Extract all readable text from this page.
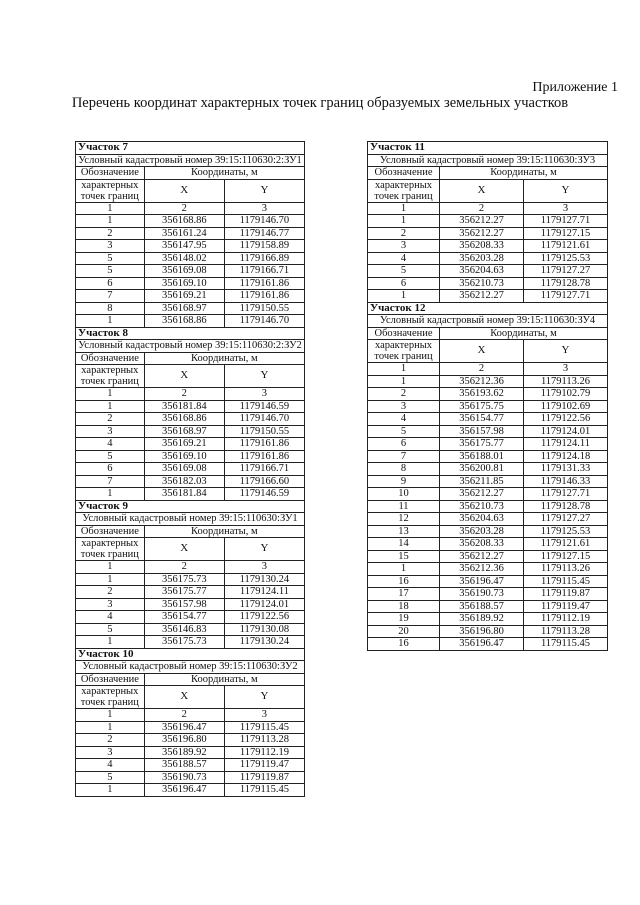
Приложение 1
Перечень координат характерных точек границ образуемых земельных участков
Участок 7		
Условный кадастровый номер 39:15:110630:2:ЗУ1		
Обозначение	Координаты, м	

характерных
точек границ	X	Y
1	2	3
1	356168.86	1179146.70
2	356161.24	1179146.77
3	356147.95	1179158.89
5	356148.02	1179166.89
5	356169.08	1179166.71
6	356169.10	1179161.86
7	356169.21	1179161.86
8	356168.97	1179150.55
1	356168.86	1179146.70
Участок 8		
Условный кадастровый номер 39:15:110630:2:ЗУ2		
Обозначение	Координаты, м	

характерных
точек границ	X	Y
1	2	3
1	356181.84	1179146.59
2	356168.86	1179146.70
3	356168.97	1179150.55
4	356169.21	1179161.86
5	356169.10	1179161.86
6	356169.08	1179166.71
7	356182.03	1179166.60
1	356181.84	1179146.59
Участок 9		
Условный кадастровый номер 39:15:110630:ЗУ1		
Обозначение	Координаты, м	

характерных
точек границ	X	Y
1	2	3
1	356175.73	1179130.24
2	356175.77	1179124.11
3	356157.98	1179124.01
4	356154.77	1179122.56
5	356146.83	1179130.08
1	356175.73	1179130.24
Участок 10		
Условный кадастровый номер 39:15:110630:ЗУ2		
Обозначение	Координаты, м	

характерных
точек границ	X	Y
1	2	3
1	356196.47	1179115.45
2	356196.80	1179113.28
3	356189.92	1179112.19
4	356188.57	1179119.47
5	356190.73	1179119.87
1	356196.47	1179115.45
Участок 11		
Условный кадастровый номер 39:15:110630:ЗУ3		
Обозначение	Координаты, м	

характерных
точек границ	X	Y
1	2	3
1	356212.27	1179127.71
2	356212.27	1179127.15
3	356208.33	1179121.61
4	356203.28	1179125.53
5	356204.63	1179127.27
6	356210.73	1179128.78
1	356212.27	1179127.71
Участок 12		
Условный кадастровый номер 39:15:110630:ЗУ4		
Обозначение	Координаты, м	

характерных
точек границ	X	Y
1	2	3
1	356212.36	1179113.26
2	356193.62	1179102.79
3	356175.75	1179102.69
4	356154.77	1179122.56
5	356157.98	1179124.01
6	356175.77	1179124.11
7	356188.01	1179124.18
8	356200.81	1179131.33
9	356211.85	1179146.33
10	356212.27	1179127.71
11	356210.73	1179128.78
12	356204.63	1179127.27
13	356203.28	1179125.53
14	356208.33	1179121.61
15	356212.27	1179127.15
1	356212.36	1179113.26
16	356196.47	1179115.45
17	356190.73	1179119.87
18	356188.57	1179119.47
19	356189.92	1179112.19
20	356196.80	1179113.28
16	356196.47	1179115.45
